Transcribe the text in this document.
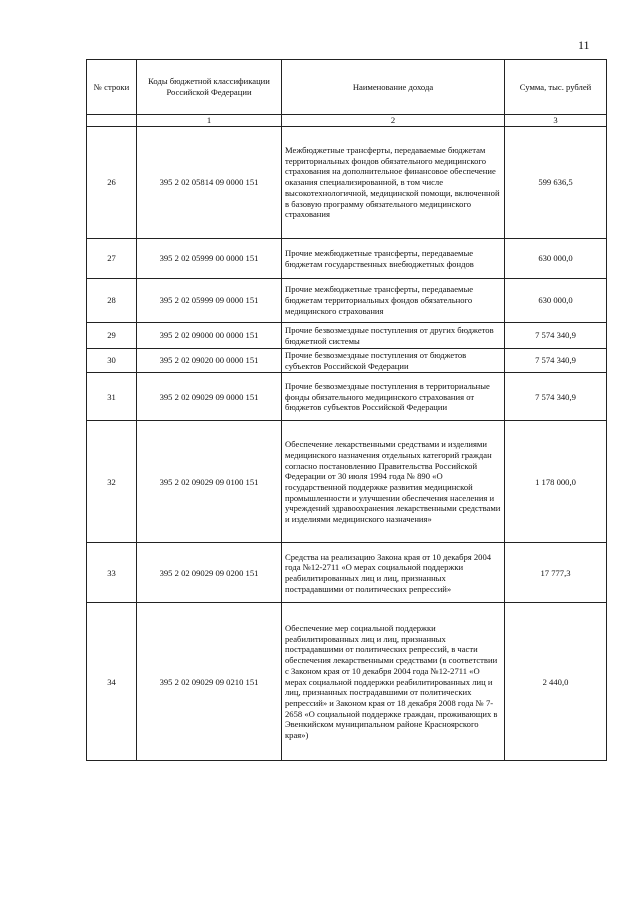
11
№ строки	Коды бюджетной классификации Российской Федерации	Наименование дохода	Сумма, тыс. рублей
	1	2	3
26	395 2 02 05814 09 0000 151	Межбюджетные трансферты, передаваемые бюджетам территориальных фондов обязательного медицинского страхования на дополнительное финансовое обеспечение оказания специализированной, в том числе высокотехнологичной, медицинской помощи, включенной в базовую программу обязательного медицинского страхования	599 636,5
27	395 2 02 05999 00 0000 151	Прочие межбюджетные трансферты, передаваемые бюджетам государственных внебюджетных фондов	630 000,0
28	395 2 02 05999 09 0000 151	Прочие межбюджетные трансферты, передаваемые бюджетам территориальных фондов обязательного медицинского страхования	630 000,0
29	395 2 02 09000 00 0000 151	Прочие безвозмездные поступления от других бюджетов бюджетной системы	7 574 340,9
30	395 2 02 09020 00 0000 151	Прочие безвозмездные поступления от бюджетов субъектов Российской Федерации	7 574 340,9
31	395 2 02 09029 09 0000 151	Прочие безвозмездные поступления в территориальные фонды обязательного медицинского страхования от бюджетов субъектов Российской Федерации	7 574 340,9
32	395 2 02 09029 09 0100 151	Обеспечение лекарственными средствами и изделиями медицинского назначения отдельных категорий граждан согласно постановлению Правительства Российской Федерации от 30 июля 1994 года № 890 «О государственной поддержке развития медицинской промышленности и улучшении обеспечения населения и учреждений здравоохранения лекарственными средствами и изделиями медицинского назначения»	1 178 000,0
33	395 2 02 09029 09 0200 151	Средства на реализацию Закона края от 10 декабря 2004 года №12-2711 «О мерах социальной поддержки реабилитированных лиц и лиц, признанных пострадавшими от политических репрессий»	17 777,3
34	395 2 02 09029 09 0210 151	Обеспечение мер социальной поддержки реабилитированных лиц и лиц, признанных пострадавшими от политических репрессий, в части обеспечения лекарственными средствами (в соответствии с Законом края от 10 декабря 2004 года №12-2711 «О мерах социальной поддержки реабилитированных лиц и лиц, признанных пострадавшими от политических репрессий» и Законом края от 18 декабря 2008 года № 7-2658 «О социальной поддержке граждан, проживающих в Эвенкийском муниципальном районе Красноярского края»)	2 440,0
